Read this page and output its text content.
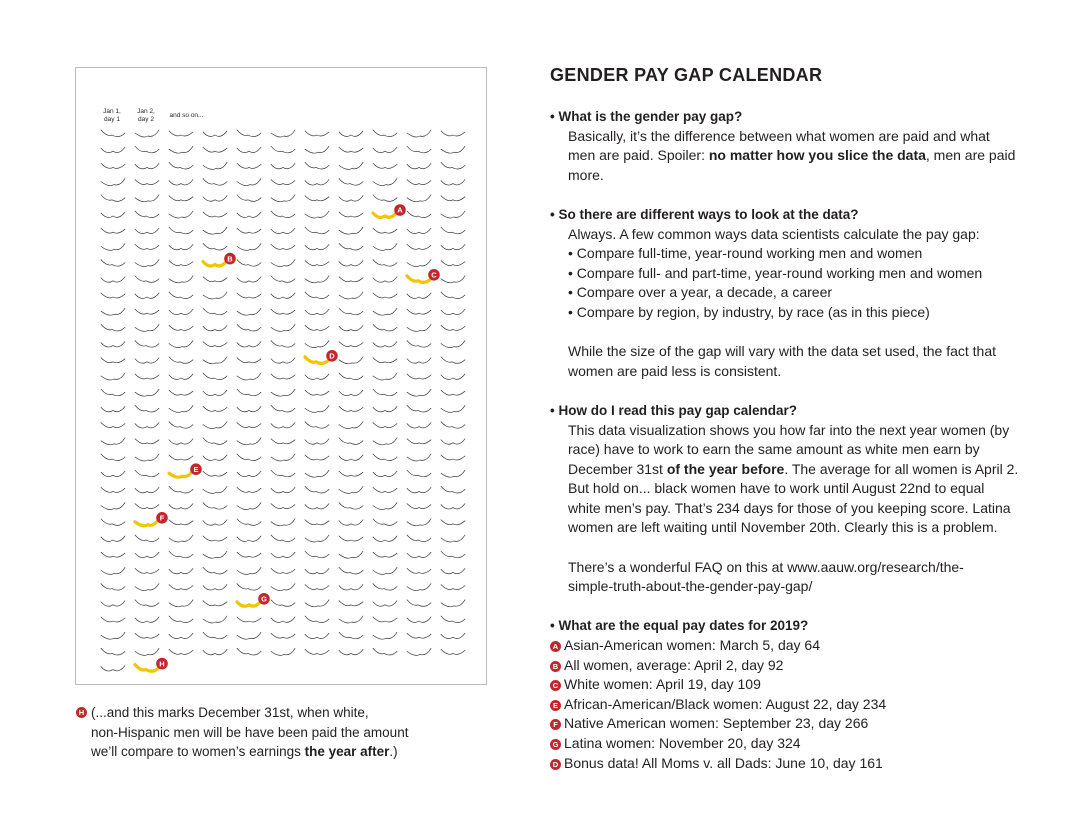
Jan 1,
day 1
Jan 2,
day 2
and so on...
A
B
C
D
E
F
G
H
H (...and this marks December 31st, when white,
non-Hispanic men will be have been paid the amount
we’ll compare to women’s earnings the year after.)
GENDER PAY GAP CALENDAR
• What is the gender pay gap?
Basically, it’s the difference between what women are paid and what
men are paid. Spoiler: no matter how you slice the data, men are paid
more.
• So there are different ways to look at the data?
Always. A few common ways data scientists calculate the pay gap:
• Compare full-time, year-round working men and women
• Compare full- and part-time, year-round working men and women
• Compare over a year, a decade, a career
• Compare by region, by industry, by race (as in this piece)
While the size of the gap will vary with the data set used, the fact that
women are paid less is consistent.
• How do I read this pay gap calendar?
This data visualization shows you how far into the next year women (by
race) have to work to earn the same amount as white men earn by
December 31st of the year before. The average for all women is April 2.
But hold on... black women have to work until August 22nd to equal
white men’s pay. That’s 234 days for those of you keeping score. Latina
women are left waiting until November 20th. Clearly this is a problem.
There’s a wonderful FAQ on this at www.aauw.org/research/the-
simple-truth-about-the-gender-pay-gap/
• What are the equal pay dates for 2019?
A Asian-American women: March 5, day 64
B All women, average: April 2, day 92
C White women: April 19, day 109
E African-American/Black women: August 22, day 234
F Native American women: September 23, day 266
G Latina women: November 20, day 324
D Bonus data! All Moms v. all Dads: June 10, day 161
